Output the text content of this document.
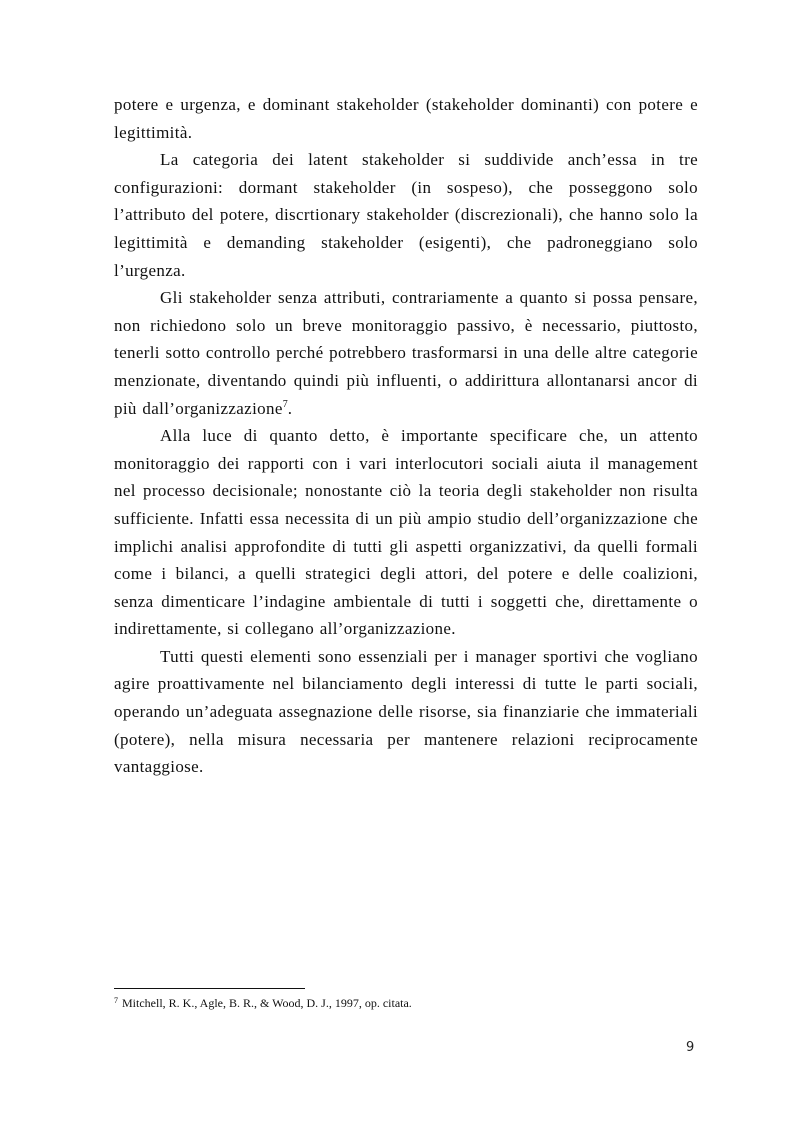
potere e urgenza, e dominant stakeholder (stakeholder dominanti) con potere e legittimità.

La categoria dei latent stakeholder si suddivide anch’essa in tre configurazioni: dormant stakeholder (in sospeso), che posseggono solo l’attributo del potere, discrtionary stakeholder (discrezionali), che hanno solo la legittimità e demanding stakeholder (esigenti), che padroneggiano solo l’urgenza.

Gli stakeholder senza attributi, contrariamente a quanto si possa pensare, non richiedono solo un breve monitoraggio passivo, è necessario, piuttosto, tenerli sotto controllo perché potrebbero trasformarsi in una delle altre categorie menzionate, diventando quindi più influenti, o addirittura allontanarsi ancor di più dall’organizzazione$^7$.

Alla luce di quanto detto, è importante specificare che, un attento monitoraggio dei rapporti con i vari interlocutori sociali aiuta il management nel processo decisionale; nonostante ciò la teoria degli stakeholder non risulta sufficiente. Infatti essa necessita di un più ampio studio dell’organizzazione che implichi analisi approfondite di tutti gli aspetti organizzativi, da quelli formali come i bilanci, a quelli strategici degli attori, del potere e delle coalizioni, senza dimenticare l’indagine ambientale di tutti i soggetti che, direttamente o indirettamente, si collegano all’organizzazione.

Tutti questi elementi sono essenziali per i manager sportivi che vogliano agire proattivamente nel bilanciamento degli interessi di tutte le parti sociali, operando un’adeguata assegnazione delle risorse, sia finanziarie che immateriali (potere), nella misura necessaria per mantenere relazioni reciprocamente vantaggiose.

$^7$ Mitchell, R. K., Agle, B. R., & Wood, D. J., 1997, op. citata.
9
